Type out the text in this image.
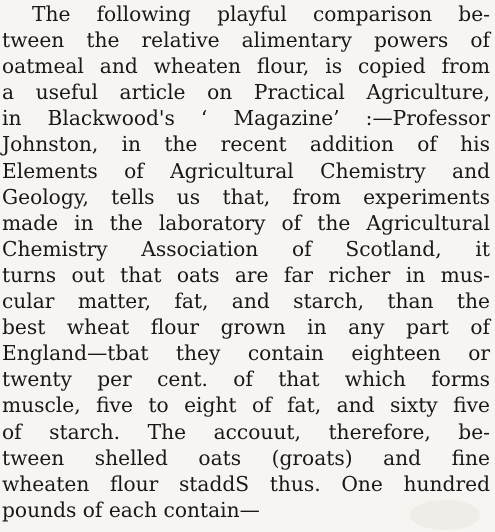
The following playful comparison be-
tween the relative alimentary powers of
oatmeal and wheaten flour, is copied from
a useful article on Practical Agriculture,
in Blackwood's ‘ Magazine’ :—Professor
Johnston, in the recent addition of his
Elements of Agricultural Chemistry and
Geology, tells us that, from experiments
made in the laboratory of the Agricultural
Chemistry Association of Scotland, it
turns out that oats are far richer in mus-
cular matter, fat, and starch, than the
best wheat flour grown in any part of
England—tbat they contain eighteen or
twenty per cent. of that which forms
muscle, five to eight of fat, and sixty five
of starch. The accouut, therefore, be-
tween shelled oats (groats) and fine
wheaten flour staddS thus. One hundred
pounds of each contain—
